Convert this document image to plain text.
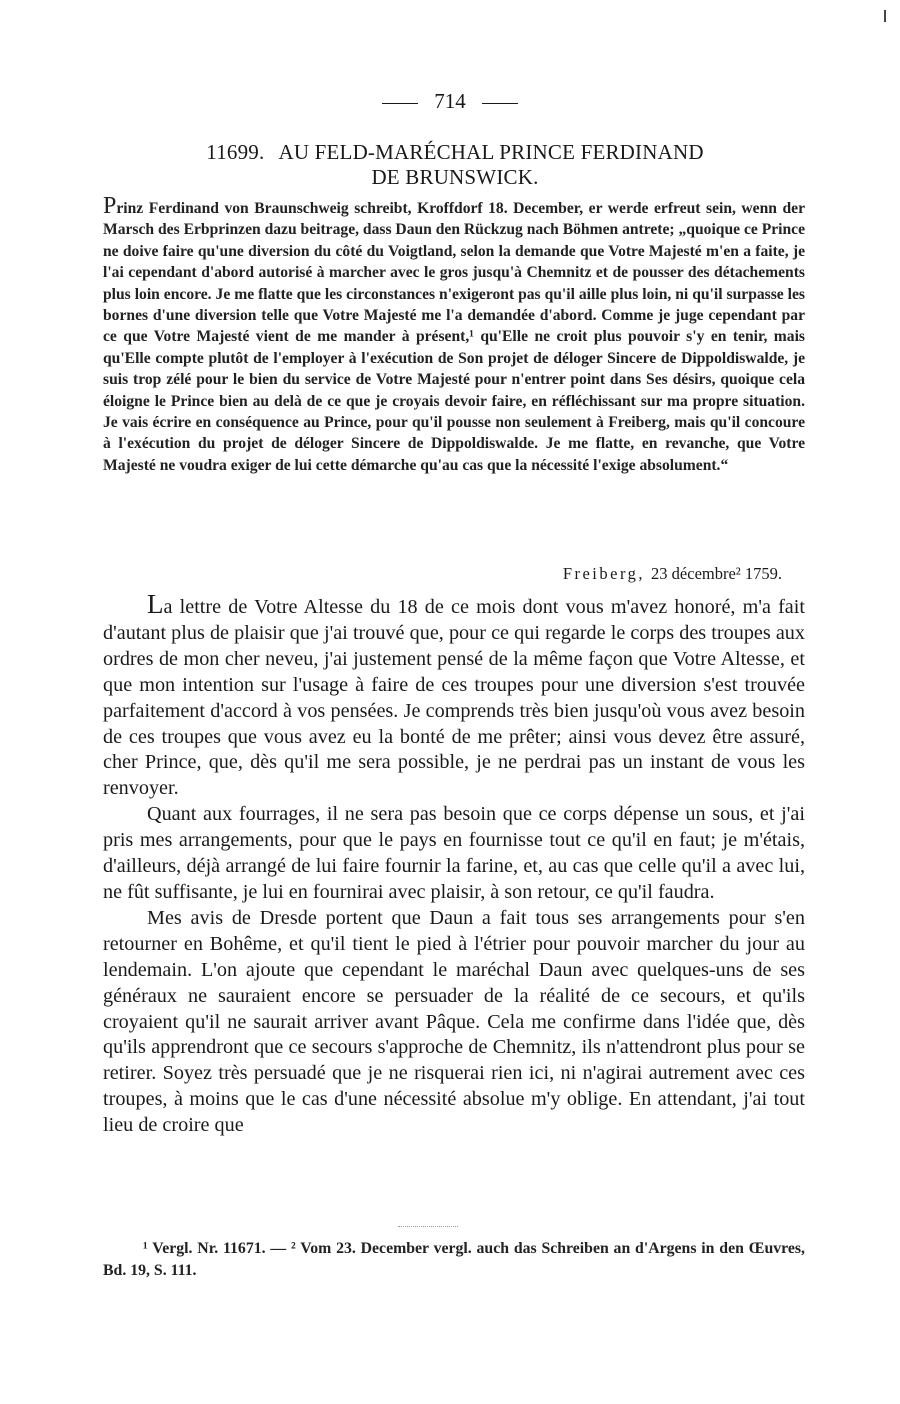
714
11699. AU FELD-MARÉCHAL PRINCE FERDINAND
DE BRUNSWICK.

Prinz Ferdinand von Braunschweig schreibt, Kroffdorf 18. December, er werde erfreut sein, wenn der Marsch des Erbprinzen dazu beitrage, dass Daun den Rückzug nach Böhmen antrete; „quoique ce Prince ne doive faire qu'une diversion du côté du Voigtland, selon la demande que Votre Majesté m'en a faite, je l'ai cependant d'abord autorisé à marcher avec le gros jusqu'à Chemnitz et de pousser des détachements plus loin encore. Je me flatte que les circonstances n'exigeront pas qu'il aille plus loin, ni qu'il surpasse les bornes d'une diversion telle que Votre Majesté me l'a demandée d'abord. Comme je juge cependant par ce que Votre Majesté vient de me mander à présent,¹ qu'Elle ne croit plus pouvoir s'y en tenir, mais qu'Elle compte plutôt de l'employer à l'exécution de Son projet de déloger Sincere de Dippoldiswalde, je suis trop zélé pour le bien du service de Votre Majesté pour n'entrer point dans Ses désirs, quoique cela éloigne le Prince bien au delà de ce que je croyais devoir faire, en réfléchissant sur ma propre situation. Je vais écrire en conséquence au Prince, pour qu'il pousse non seulement à Freiberg, mais qu'il concoure à l'exécution du projet de déloger Sincere de Dippoldiswalde. Je me flatte, en revanche, que Votre Majesté ne voudra exiger de lui cette démarche qu'au cas que la nécessité l'exige absolument.“

Freiberg, 23 décembre² 1759.

La lettre de Votre Altesse du 18 de ce mois dont vous m'avez honoré, m'a fait d'autant plus de plaisir que j'ai trouvé que, pour ce qui regarde le corps des troupes aux ordres de mon cher neveu, j'ai justement pensé de la même façon que Votre Altesse, et que mon intention sur l'usage à faire de ces troupes pour une diversion s'est trouvée parfaitement d'accord à vos pensées. Je comprends très bien jusqu'où vous avez besoin de ces troupes que vous avez eu la bonté de me prêter; ainsi vous devez être assuré, cher Prince, que, dès qu'il me sera possible, je ne perdrai pas un instant de vous les renvoyer.

Quant aux fourrages, il ne sera pas besoin que ce corps dépense un sous, et j'ai pris mes arrangements, pour que le pays en fournisse tout ce qu'il en faut; je m'étais, d'ailleurs, déjà arrangé de lui faire fournir la farine, et, au cas que celle qu'il a avec lui, ne fût suffisante, je lui en fournirai avec plaisir, à son retour, ce qu'il faudra.

Mes avis de Dresde portent que Daun a fait tous ses arrangements pour s'en retourner en Bohême, et qu'il tient le pied à l'étrier pour pouvoir marcher du jour au lendemain. L'on ajoute que cependant le maréchal Daun avec quelques-uns de ses généraux ne sauraient encore se persuader de la réalité de ce secours, et qu'ils croyaient qu'il ne saurait arriver avant Pâque. Cela me confirme dans l'idée que, dès qu'ils apprendront que ce secours s'approche de Chemnitz, ils n'attendront plus pour se retirer. Soyez très persuadé que je ne risquerai rien ici, ni n'agirai autrement avec ces troupes, à moins que le cas d'une nécessité absolue m'y oblige. En attendant, j'ai tout lieu de croire que

¹ Vergl. Nr. 11671. — ² Vom 23. December vergl. auch das Schreiben an d'Argens in den Œuvres, Bd. 19, S. 111.
